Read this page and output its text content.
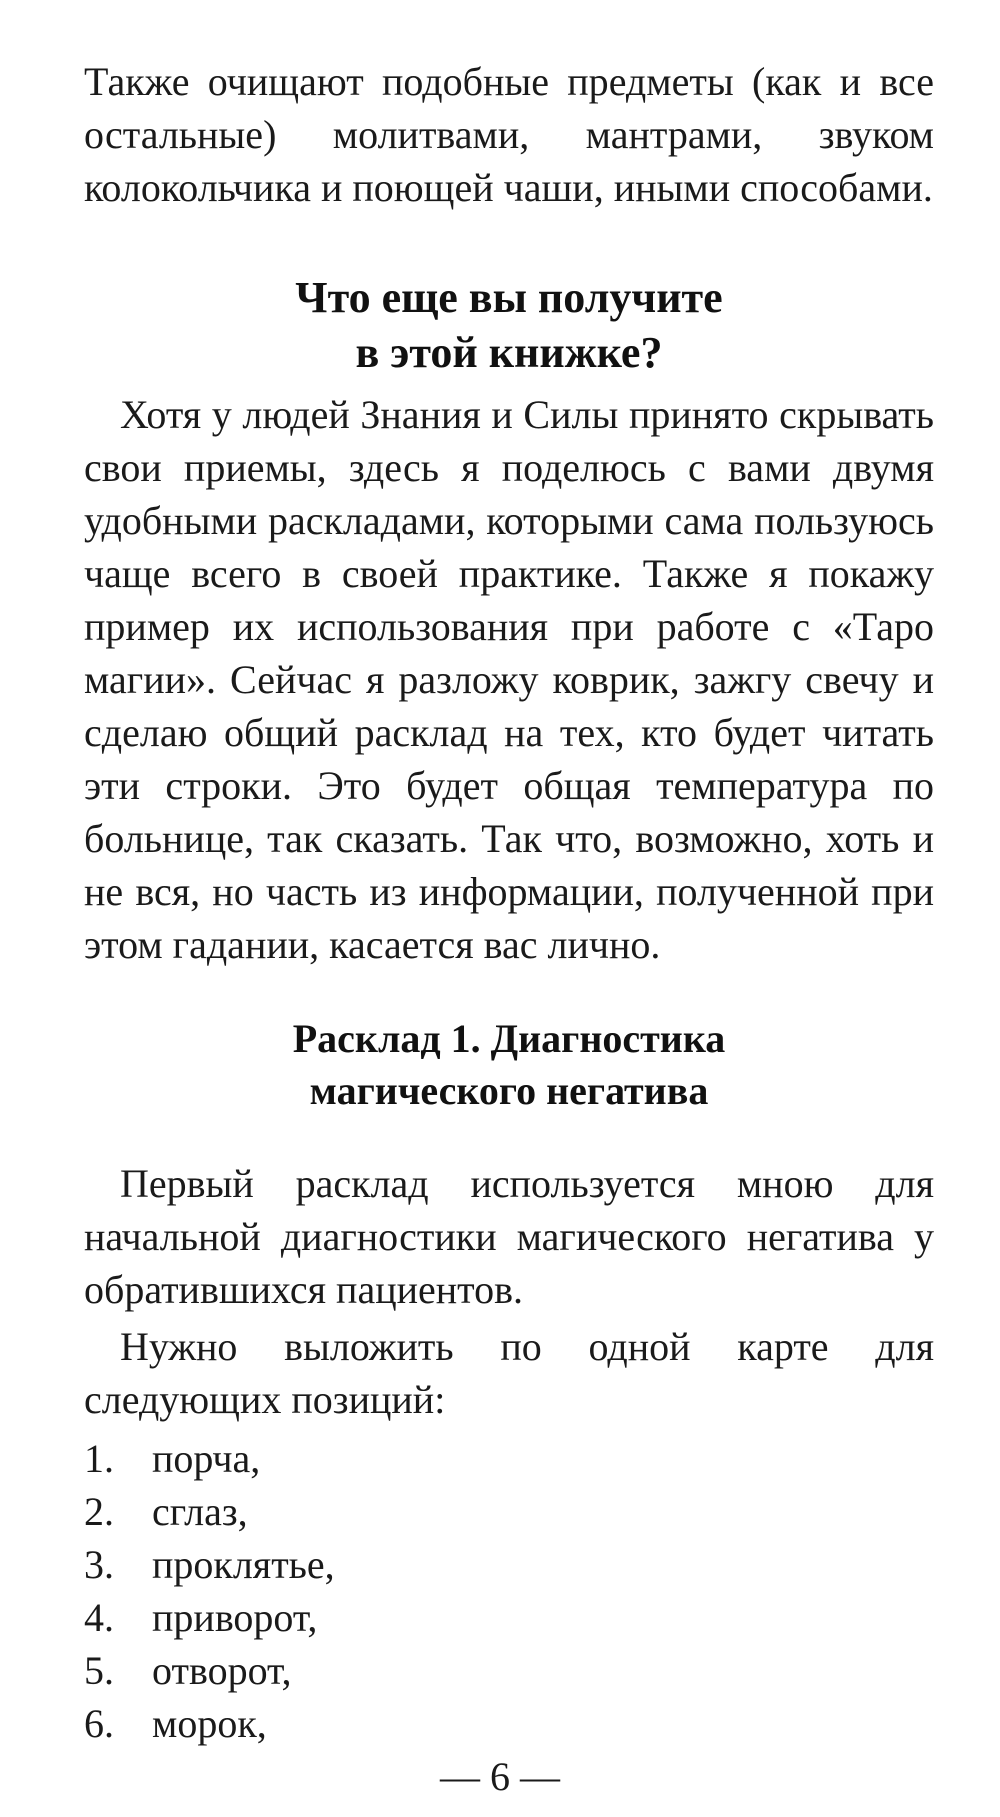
Также очищают подобные предметы (как и все остальные) молитвами, мантрами, звуком колокольчика и поющей чаши, иными способами.

Что еще вы получите
в этой книжке?

Хотя у людей Знания и Силы принято скрывать свои приемы, здесь я поделюсь с вами двумя удобными раскладами, которыми сама пользуюсь чаще всего в своей практике. Также я покажу пример их использования при работе с «Таро магии». Сейчас я разложу коврик, зажгу свечу и сделаю общий расклад на тех, кто будет читать эти строки. Это будет общая температура по больнице, так сказать. Так что, возможно, хоть и не вся, но часть из информации, полученной при этом гадании, касается вас лично.

Расклад 1. Диагностика
магического негатива

Первый расклад используется мною для начальной диагностики магического негатива у обратившихся пациентов.

Нужно выложить по одной карте для следующих позиций:

1. порча,
2. сглаз,
3. проклятье,
4. приворот,
5. отворот,
6. морок,
— 6 —
